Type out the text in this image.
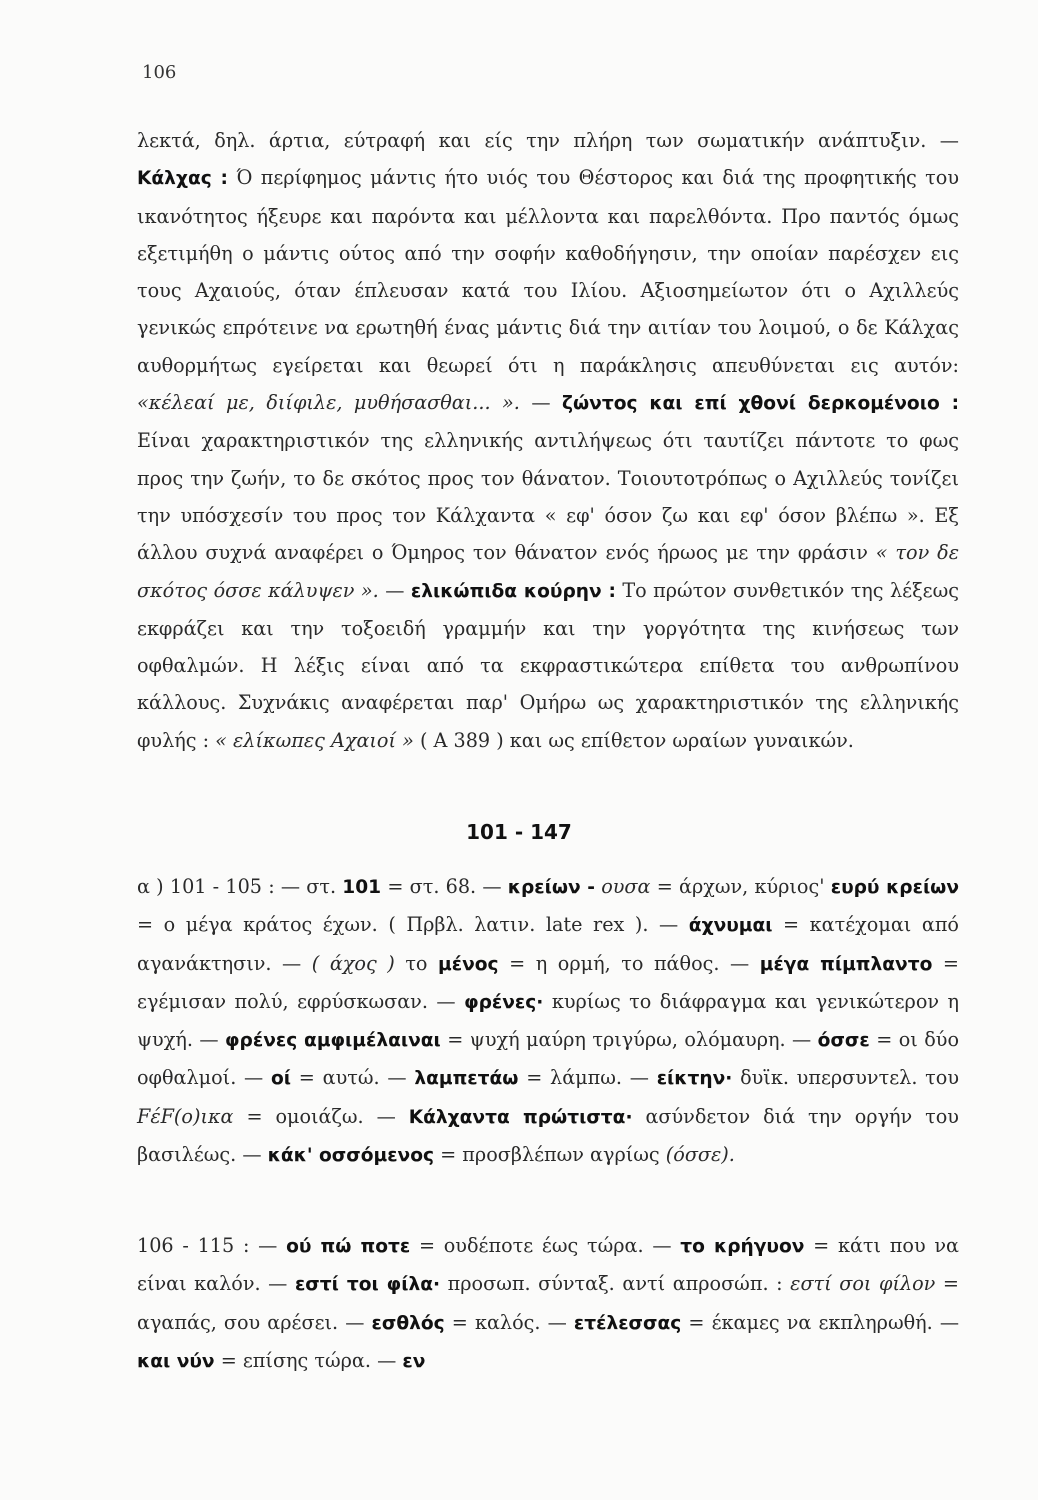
106

λεκτά, δηλ. άρτια, εύτραφή και είς την πλήρη των σωματικήν ανάπτυξιν. — Κάλχας : Ό περίφημος μάντις ήτο υιός του Θέστορος και διά της προφητικής του ικανότητος ήξευρε και παρόντα και μέλλοντα και παρελθόντα. Προ παντός όμως εξετιμήθη ο μάντις ούτος από την σοφήν καθοδήγησιν, την οποίαν παρέσχεν εις τους Αχαιούς, όταν έπλευσαν κατά του Ιλίου. Αξιοσημείωτον ότι ο Αχιλλεύς γενικώς επρότεινε να ερωτηθή ένας μάντις διά την αιτίαν του λοιμού, ο δε Κάλχας αυθορμήτως εγείρεται και θεωρεί ότι η παράκλησις απευθύνεται εις αυτόν: «κέλεαί με, διίφιλε, μυθήσασθαι... ». — ζώντος και επί χθονί δερκομένοιο : Είναι χαρακτηριστικόν της ελληνικής αντιλήψεως ότι ταυτίζει πάντοτε το φως προς την ζωήν, το δε σκότος προς τον θάνατον. Τοιουτοτρόπως ο Αχιλλεύς τονίζει την υπόσχεσίν του προς τον Κάλχαντα « εφ' όσον ζω και εφ' όσον βλέπω ». Εξ άλλου συχνά αναφέρει ο Όμηρος τον θάνατον ενός ήρωος με την φράσιν « τον δε σκότος όσσε κάλυψεν ». — ελικώπιδα κούρην : Το πρώτον συνθετικόν της λέξεως εκφράζει και την τοξοειδή γραμμήν και την γοργότητα της κινήσεως των οφθαλμών. Η λέξις είναι από τα εκφραστικώτερα επίθετα του ανθρωπίνου κάλλους. Συχνάκις αναφέρεται παρ' Ομήρω ως χαρακτηριστικόν της ελληνικής φυλής : « ελίκωπες Αχαιοί » ( Α 389 ) και ως επίθετον ωραίων γυναικών.

101 - 147

α ) 101 - 105 : — στ. 101 = στ. 68. — κρείων - ουσα = άρχων, κύριος' ευρύ κρείων = ο μέγα κράτος έχων. ( Πρβλ. λατιν. late rex ). — άχνυμαι = κατέχομαι από αγανάκτησιν. — ( άχος ) το μένος = η ορμή, το πάθος. — μέγα πίμπλαντο = εγέμισαν πολύ, εφρύσκωσαν. — φρένες· κυρίως το διάφραγμα και γενικώτερον η ψυχή. — φρένες αμφιμέλαιναι = ψυχή μαύρη τριγύρω, ολόμαυρη. — όσσε = οι δύο οφθαλμοί. — οί = αυτώ. — λαμπετάω = λάμπω. — είκτην· δυϊκ. υπερσυντελ. του FέF(ο)ικα = ομοιάζω. — Κάλχαντα πρώτιστα· ασύνδετον διά την οργήν του βασιλέως. — κάκ' οσσόμενος = προσβλέπων αγρίως (όσσε).

106 - 115 : — ού πώ ποτε = ουδέποτε έως τώρα. — το κρήγυον = κάτι που να είναι καλόν. — εστί τοι φίλα· προσωπ. σύνταξ. αντί απροσώπ. : εστί σοι φίλον = αγαπάς, σου αρέσει. — εσθλός = καλός. — ετέλεσσας = έκαμες να εκπληρωθή. — και νύν = επίσης τώρα. — εν
